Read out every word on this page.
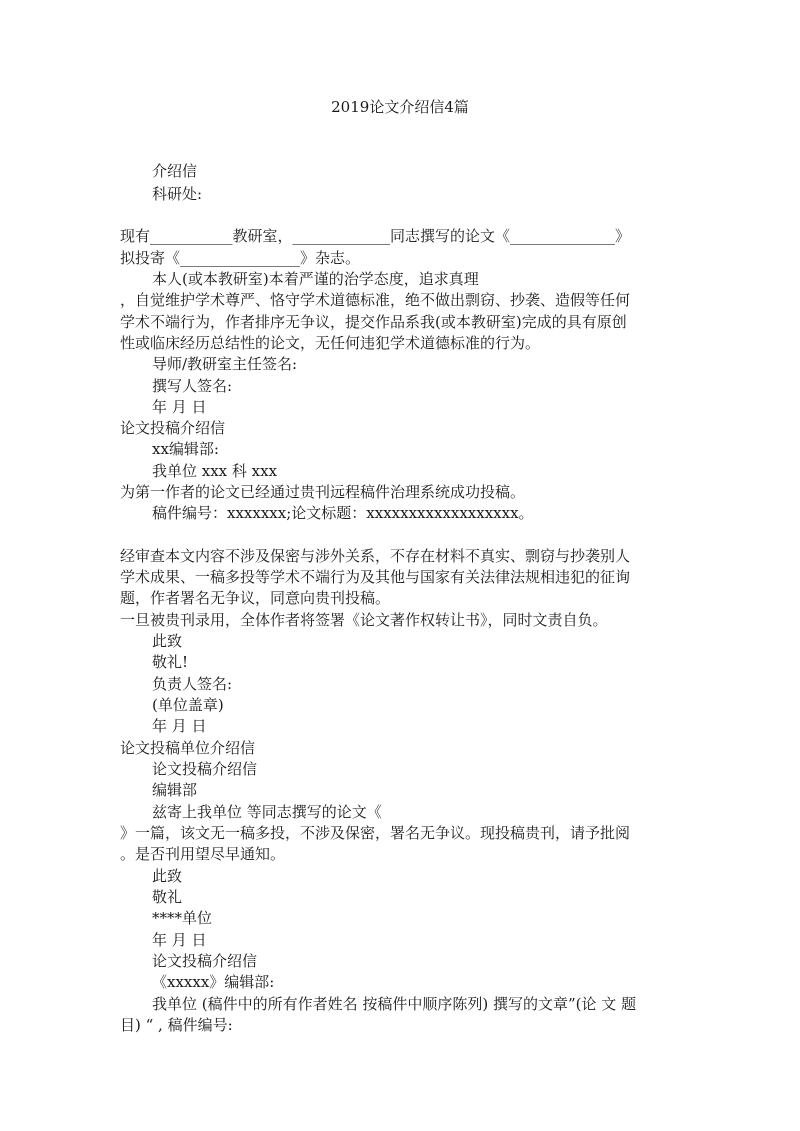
2019论文介绍信4篇
介绍信
科研处:
现有___________教研室，_____________同志撰写的论文《______________》
拟投寄《________________》杂志。
本人(或本教研室)本着严谨的治学态度，追求真理
，自觉维护学术尊严、恪守学术道德标准，绝不做出剽窃、抄袭、造假等任何
学术不端行为，作者排序无争议，提交作品系我(或本教研室)完成的具有原创
性或临床经历总结性的论文，无任何违犯学术道德标准的行为。
导师/教研室主任签名:
撰写人签名:
年 月 日
论文投稿介绍信
xx编辑部:
我单位 xxx 科 xxx
为第一作者的论文已经通过贵刊远程稿件治理系统成功投稿。
稿件编号：xxxxxxx;论文标题：xxxxxxxxxxxxxxxxxx。
经审查本文内容不涉及保密与涉外关系，不存在材料不真实、剽窃与抄袭别人
学术成果、一稿多投等学术不端行为及其他与国家有关法律法规相违犯的征询
题，作者署名无争议，同意向贵刊投稿。
一旦被贵刊录用，全体作者将签署《论文著作权转让书》，同时文责自负。
此致
敬礼!
负责人签名:
(单位盖章)
年 月 日
论文投稿单位介绍信
论文投稿介绍信
编辑部
兹寄上我单位 等同志撰写的论文《
》一篇，该文无一稿多投，不涉及保密，署名无争议。现投稿贵刊，请予批阅
。是否刊用望尽早通知。
此致
敬礼
****单位
年 月 日
论文投稿介绍信
《xxxxx》编辑部:
我单位 (稿件中的所有作者姓名 按稿件中顺序陈列) 撰写的文章”(论 文 题
目) “ , 稿件编号:
